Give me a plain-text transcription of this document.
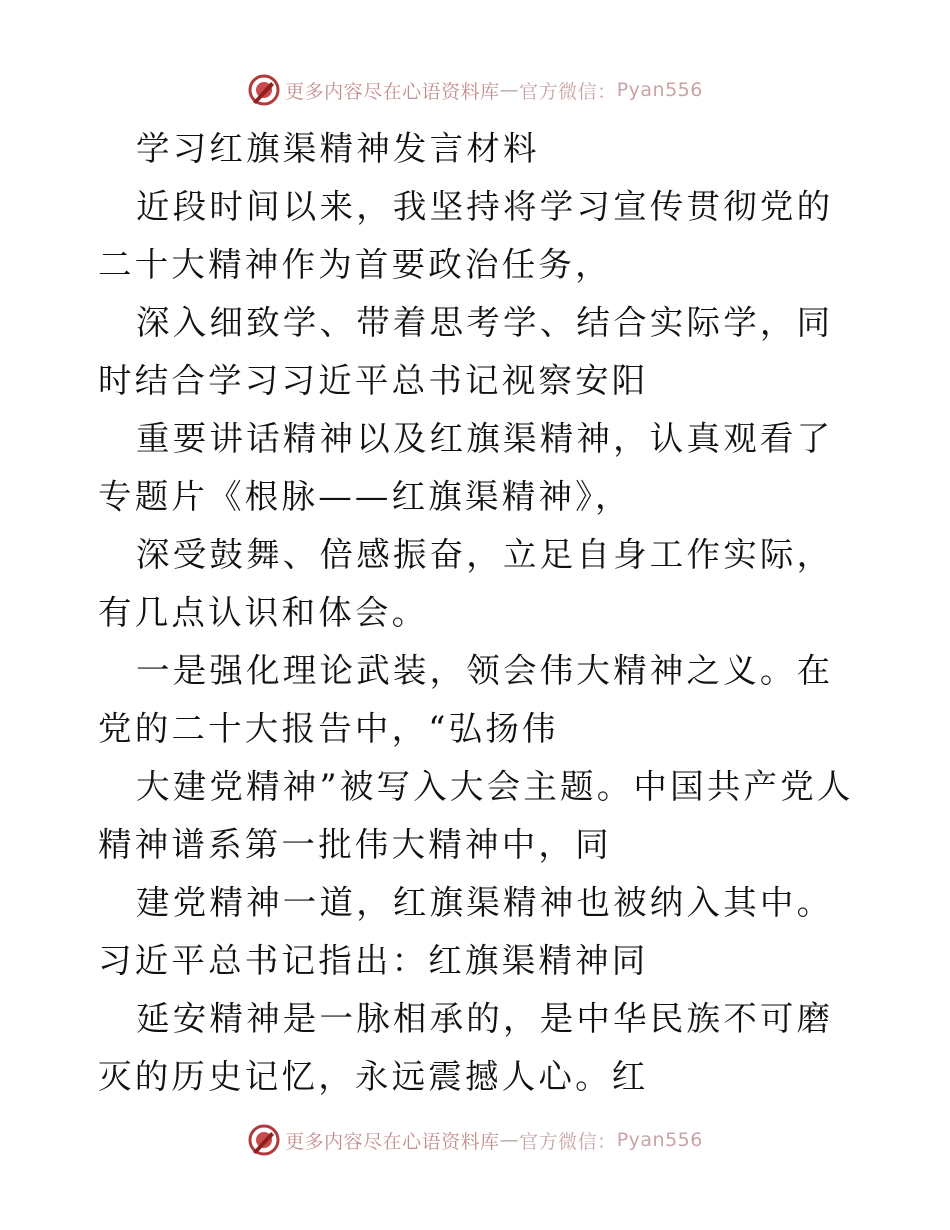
更多内容尽在心语资料库 — 官方微信： Pyan556

学习红旗渠精神发言材料

近段时间以来，我坚持将学习宣传贯彻党的二十大精神作为首要政治任务，

深入细致学、带着思考学、结合实际学，同时结合学习习近平总书记视察安阳

重要讲话精神以及红旗渠精神，认真观看了专题片《根脉——红旗渠精神》，

深受鼓舞、倍感振奋，立足自身工作实际，有几点认识和体会。

一是强化理论武装，领会伟大精神之义。在党的二十大报告中，“弘扬伟

大建党精神”被写入大会主题。中国共产党人精神谱系第一批伟大精神中，同

建党精神一道，红旗渠精神也被纳入其中。习近平总书记指出：红旗渠精神同

延安精神是一脉相承的，是中华民族不可磨灭的历史记忆，永远震撼人心。红

更多内容尽在心语资料库 — 官方微信： Pyan556
